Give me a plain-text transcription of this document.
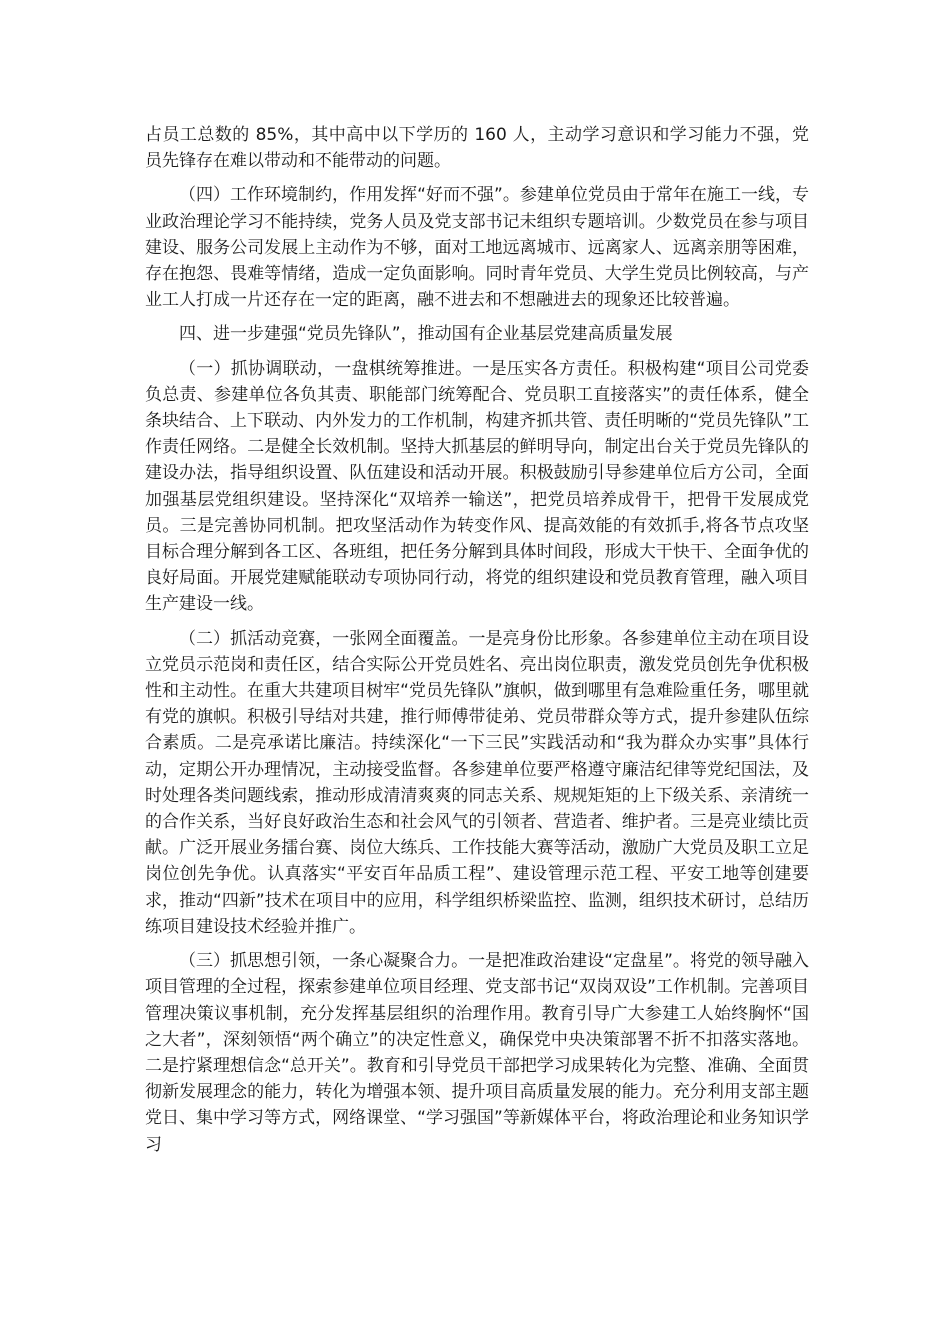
占员工总数的 85%，其中高中以下学历的 160 人，主动学习意识和学习能力不强，党员先锋存在难以带动和不能带动的问题。

（四）工作环境制约，作用发挥“好而不强”。参建单位党员由于常年在施工一线，专业政治理论学习不能持续，党务人员及党支部书记未组织专题培训。少数党员在参与项目建设、服务公司发展上主动作为不够，面对工地远离城市、远离家人、远离亲朋等困难，存在抱怨、畏难等情绪，造成一定负面影响。同时青年党员、大学生党员比例较高，与产业工人打成一片还存在一定的距离，融不进去和不想融进去的现象还比较普遍。

四、进一步建强“党员先锋队”，推动国有企业基层党建高质量发展

（一）抓协调联动，一盘棋统筹推进。一是压实各方责任。积极构建“项目公司党委负总责、参建单位各负其责、职能部门统筹配合、党员职工直接落实”的责任体系，健全条块结合、上下联动、内外发力的工作机制，构建齐抓共管、责任明晰的“党员先锋队”工作责任网络。二是健全长效机制。坚持大抓基层的鲜明导向，制定出台关于党员先锋队的建设办法，指导组织设置、队伍建设和活动开展。积极鼓励引导参建单位后方公司，全面加强基层党组织建设。坚持深化“双培养一输送”，把党员培养成骨干，把骨干发展成党员。三是完善协同机制。把攻坚活动作为转变作风、提高效能的有效抓手,将各节点攻坚目标合理分解到各工区、各班组，把任务分解到具体时间段，形成大干快干、全面争优的良好局面。开展党建赋能联动专项协同行动，将党的组织建设和党员教育管理，融入项目生产建设一线。

（二）抓活动竞赛，一张网全面覆盖。一是亮身份比形象。各参建单位主动在项目设立党员示范岗和责任区，结合实际公开党员姓名、亮出岗位职责，激发党员创先争优积极性和主动性。在重大共建项目树牢“党员先锋队”旗帜，做到哪里有急难险重任务，哪里就有党的旗帜。积极引导结对共建，推行师傅带徒弟、党员带群众等方式，提升参建队伍综合素质。二是亮承诺比廉洁。持续深化“一下三民”实践活动和“我为群众办实事”具体行动，定期公开办理情况，主动接受监督。各参建单位要严格遵守廉洁纪律等党纪国法，及时处理各类问题线索，推动形成清清爽爽的同志关系、规规矩矩的上下级关系、亲清统一的合作关系，当好良好政治生态和社会风气的引领者、营造者、维护者。三是亮业绩比贡献。广泛开展业务擂台赛、岗位大练兵、工作技能大赛等活动，激励广大党员及职工立足岗位创先争优。认真落实“平安百年品质工程”、建设管理示范工程、平安工地等创建要求，推动“四新”技术在项目中的应用，科学组织桥梁监控、监测，组织技术研讨，总结历练项目建设技术经验并推广。

（三）抓思想引领，一条心凝聚合力。一是把准政治建设“定盘星”。将党的领导融入项目管理的全过程，探索参建单位项目经理、党支部书记“双岗双设”工作机制。完善项目管理决策议事机制，充分发挥基层组织的治理作用。教育引导广大参建工人始终胸怀“国之大者”，深刻领悟“两个确立”的决定性意义，确保党中央决策部署不折不扣落实落地。二是拧紧理想信念“总开关”。教育和引导党员干部把学习成果转化为完整、准确、全面贯彻新发展理念的能力，转化为增强本领、提升项目高质量发展的能力。充分利用支部主题党日、集中学习等方式，网络课堂、“学习强国”等新媒体平台，将政治理论和业务知识学习
